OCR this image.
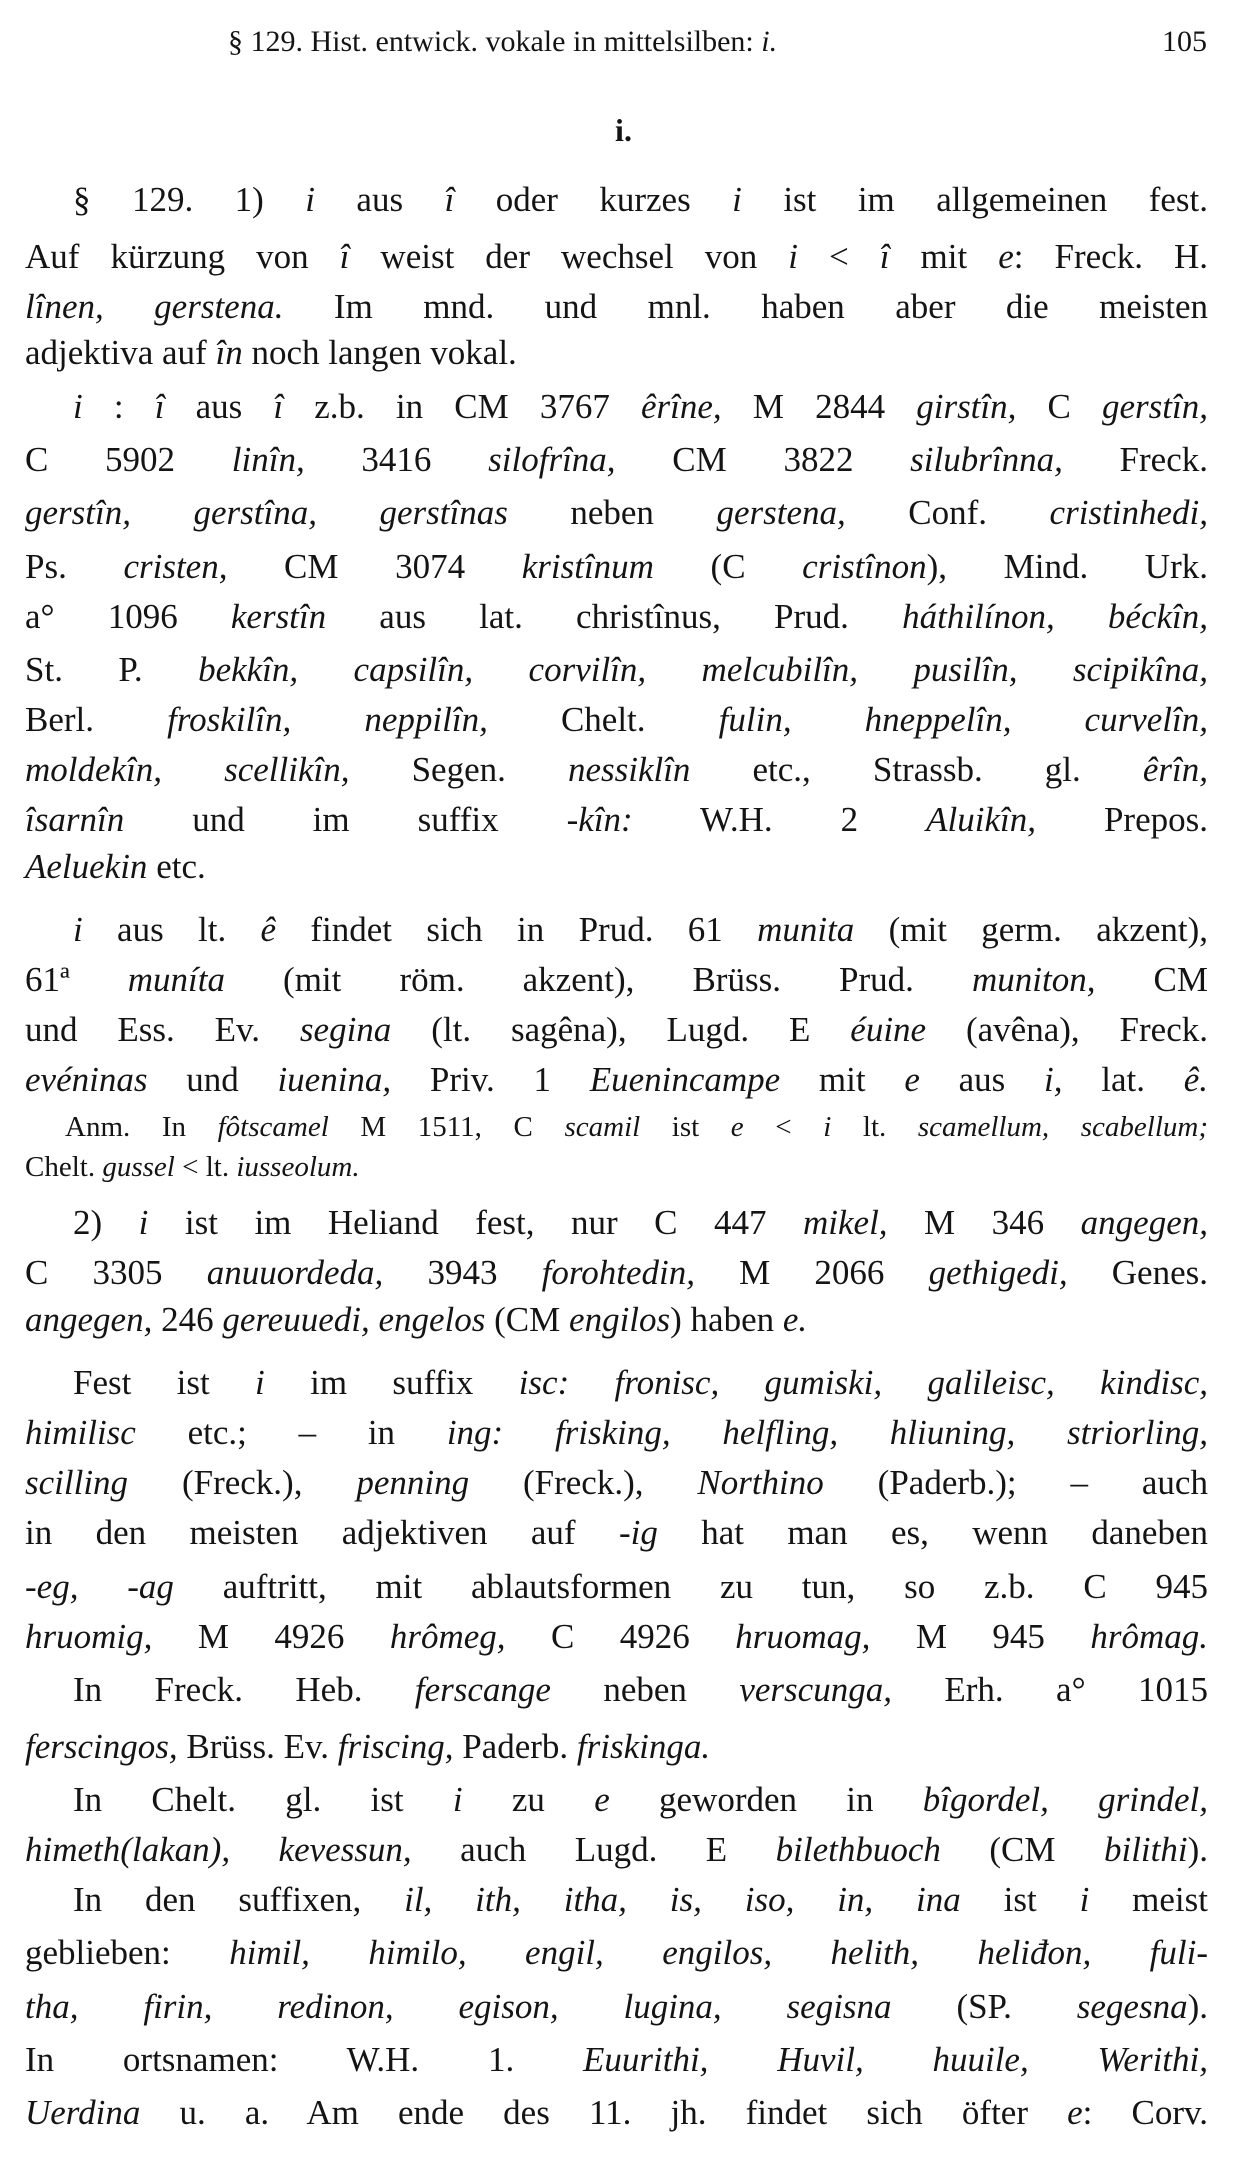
§ 129. Hist. entwick. vokale in mittelsilben: i.	105
i.
§ 129. 1) i aus î oder kurzes i ist im allgemeinen fest.
Auf kürzung von î weist der wechsel von i < î mit e: Freck. H.
lînen, gerstena. Im mnd. und mnl. haben aber die meisten
adjektiva auf în noch langen vokal.
i : î aus î z.b. in CM 3767 êrîne, M 2844 girstîn, C gerstîn,
C 5902 linîn, 3416 silofrîna, CM 3822 silubrînna, Freck.
gerstîn, gerstîna, gerstînas neben gerstena, Conf. cristinhedi,
Ps. cristen, CM 3074 kristînum (C cristînon), Mind. Urk.
a° 1096 kerstîn aus lat. christînus, Prud. háthilínon, béckîn,
St. P. bekkîn, capsilîn, corvilîn, melcubilîn, pusilîn, scipikîna,
Berl. froskilîn, neppilîn, Chelt. fulin, hneppelîn, curvelîn,
moldekîn, scellikîn, Segen. nessiklîn etc., Strassb. gl. êrîn,
îsarnîn und im suffix -kîn: W.H. 2 Aluikîn, Prepos.
Aeluekin etc.
i aus lt. ê findet sich in Prud. 61 munita (mit germ. akzent),
61ª muníta (mit röm. akzent), Brüss. Prud. muniton, CM
und Ess. Ev. segina (lt. sagêna), Lugd. E éuine (avêna), Freck.
evéninas und iuenina, Priv. 1 Euenincampe mit e aus i, lat. ê.
Anm. In fôtscamel M 1511, C scamil ist e < i lt. scamellum, scabellum;
Chelt. gussel < lt. iusseolum.
2) i ist im Heliand fest, nur C 447 mikel, M 346 angegen,
C 3305 anuuordeda, 3943 forohtedin, M 2066 gethigedi, Genes.
angegen, 246 gereuuedi, engelos (CM engilos) haben e.
Fest ist i im suffix isc: fronisc, gumiski, galileisc, kindisc,
himilisc etc.; – in ing: frisking, helfling, hliuning, striorling,
scilling (Freck.), penning (Freck.), Northino (Paderb.); – auch
in den meisten adjektiven auf -ig hat man es, wenn daneben
-eg, -ag auftritt, mit ablautsformen zu tun, so z.b. C 945
hruomig, M 4926 hrômeg, C 4926 hruomag, M 945 hrômag.
In Freck. Heb. ferscange neben verscunga, Erh. a° 1015
ferscingos, Brüss. Ev. friscing, Paderb. friskinga.
In Chelt. gl. ist i zu e geworden in bîgordel, grindel,
himeth(lakan), kevessun, auch Lugd. E bilethbuoch (CM bilithi).
In den suffixen, il, ith, itha, is, iso, in, ina ist i meist
geblieben: himil, himilo, engil, engilos, helith, heliđon, fuli-
tha, firin, redinon, egison, lugina, segisna (SP. segesna).
In ortsnamen: W.H. 1. Euurithi, Huvil, huuile, Werithi,
Uerdina u. a. Am ende des 11. jh. findet sich öfter e: Corv.
